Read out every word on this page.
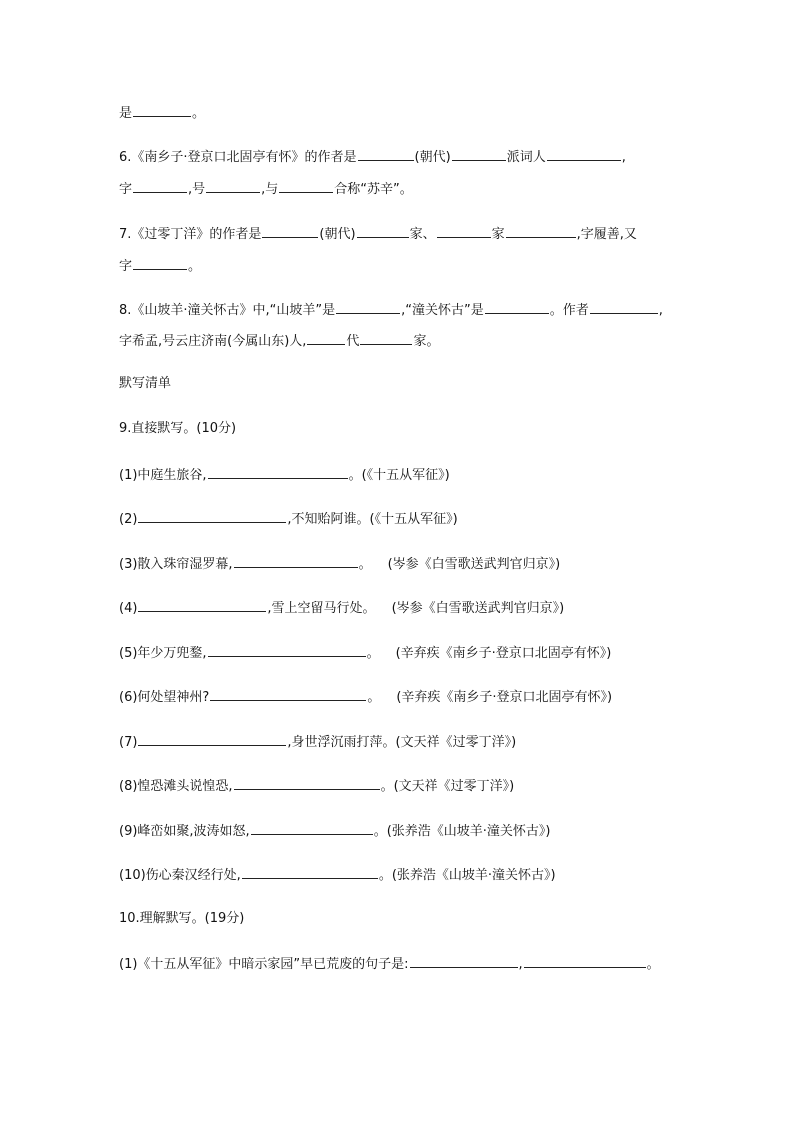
是	。
6.《南乡子·登京口北固亭有怀》的作者是	(朝代)	派词人	,
字	,号	,与	合称“苏辛”。
7.《过零丁洋》的作者是	(朝代)	家、	家	,字履善,又
字	。
8.《山坡羊·潼关怀古》中,“山坡羊”是	,“潼关怀古”是	。作者	,
字希孟,号云庄济南(今属山东)人,	代	家。
默写清单
9.直接默写。(10分)
(1)中庭生旅谷,	。(《十五从军征》)
(2)	,不知贻阿谁。(《十五从军征》)
(3)散入珠帘湿罗幕,	。 (岑参《白雪歌送武判官归京》)
(4)	,雪上空留马行处。 (岑参《白雪歌送武判官归京》)
(5)年少万兜鍪,	。 (辛弃疾《南乡子·登京口北固亭有怀》)
(6)何处望神州?	。 (辛弃疾《南乡子·登京口北固亭有怀》)
(7)	,身世浮沉雨打萍。(文天祥《过零丁洋》)
(8)惶恐滩头说惶恐,	。(文天祥《过零丁洋》)
(9)峰峦如聚,波涛如怒,	。(张养浩《山坡羊·潼关怀古》)
(10)伤心秦汉经行处,	。(张养浩《山坡羊·潼关怀古》)
10.理解默写。(19分)
(1)《十五从军征》中暗示家园”早已荒废的句子是:	,	。
